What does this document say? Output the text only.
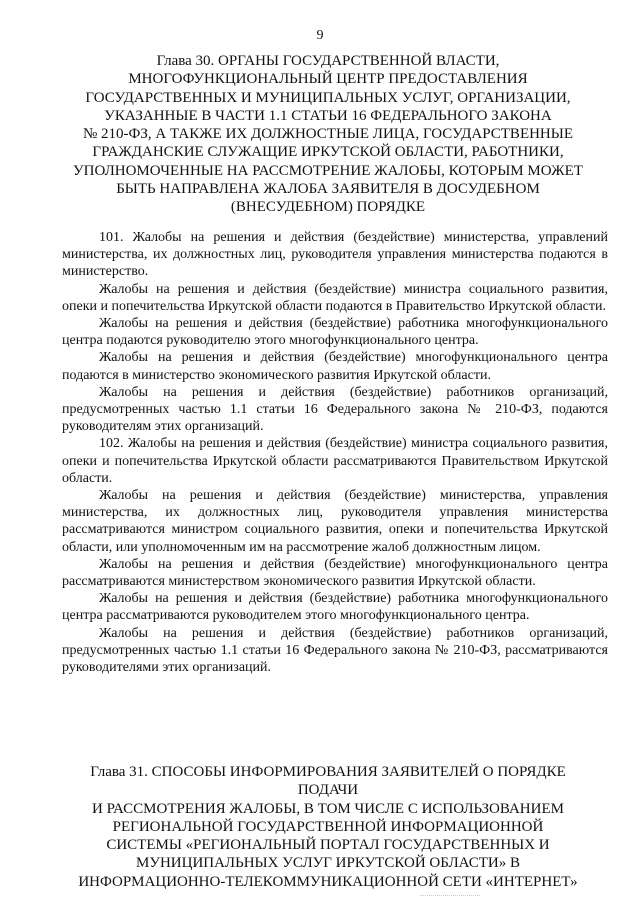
9
Глава 30. ОРГАНЫ ГОСУДАРСТВЕННОЙ ВЛАСТИ,
МНОГОФУНКЦИОНАЛЬНЫЙ ЦЕНТР ПРЕДОСТАВЛЕНИЯ
ГОСУДАРСТВЕННЫХ И МУНИЦИПАЛЬНЫХ УСЛУГ, ОРГАНИЗАЦИИ,
УКАЗАННЫЕ В ЧАСТИ 1.1 СТАТЬИ 16 ФЕДЕРАЛЬНОГО ЗАКОНА
№ 210-ФЗ, А ТАКЖЕ ИХ ДОЛЖНОСТНЫЕ ЛИЦА, ГОСУДАРСТВЕННЫЕ
ГРАЖДАНСКИЕ СЛУЖАЩИЕ ИРКУТСКОЙ ОБЛАСТИ, РАБОТНИКИ,
УПОЛНОМОЧЕННЫЕ НА РАССМОТРЕНИЕ ЖАЛОБЫ, КОТОРЫМ МОЖЕТ
БЫТЬ НАПРАВЛЕНА ЖАЛОБА ЗАЯВИТЕЛЯ В ДОСУДЕБНОМ
(ВНЕСУДЕБНОМ) ПОРЯДКЕ

101. Жалобы на решения и действия (бездействие) министерства, управлений министерства, их должностных лиц, руководителя управления министерства подаются в министерство.

Жалобы на решения и действия (бездействие) министра социального развития, опеки и попечительства Иркутской области подаются в Правительство Иркутской области.

Жалобы на решения и действия (бездействие) работника многофункционального центра подаются руководителю этого многофункционального центра.

Жалобы на решения и действия (бездействие) многофункционального центра подаются в министерство экономического развития Иркутской области.

Жалобы на решения и действия (бездействие) работников организаций, предусмотренных частью 1.1 статьи 16 Федерального закона № 210-ФЗ, подаются руководителям этих организаций.

102. Жалобы на решения и действия (бездействие) министра социального развития, опеки и попечительства Иркутской области рассматриваются Правительством Иркутской области.

Жалобы на решения и действия (бездействие) министерства, управления министерства, их должностных лиц, руководителя управления министерства рассматриваются министром социального развития, опеки и попечительства Иркутской области, или уполномоченным им на рассмотрение жалоб должностным лицом.

Жалобы на решения и действия (бездействие) многофункционального центра рассматриваются министерством экономического развития Иркутской области.

Жалобы на решения и действия (бездействие) работника многофункционального центра рассматриваются руководителем этого многофункционального центра.

Жалобы на решения и действия (бездействие) работников организаций, предусмотренных частью 1.1 статьи 16 Федерального закона № 210-ФЗ, рассматриваются руководителями этих организаций.

Глава 31. СПОСОБЫ ИНФОРМИРОВАНИЯ ЗАЯВИТЕЛЕЙ О ПОРЯДКЕ ПОДАЧИ
И РАССМОТРЕНИЯ ЖАЛОБЫ, В ТОМ ЧИСЛЕ С ИСПОЛЬЗОВАНИЕМ
РЕГИОНАЛЬНОЙ ГОСУДАРСТВЕННОЙ ИНФОРМАЦИОННОЙ
СИСТЕМЫ «РЕГИОНАЛЬНЫЙ ПОРТАЛ ГОСУДАРСТВЕННЫХ И
МУНИЦИПАЛЬНЫХ УСЛУГ ИРКУТСКОЙ ОБЛАСТИ» В
ИНФОРМАЦИОННО-ТЕЛЕКОММУНИКАЦИОННОЙ СЕТИ «ИНТЕРНЕТ»
